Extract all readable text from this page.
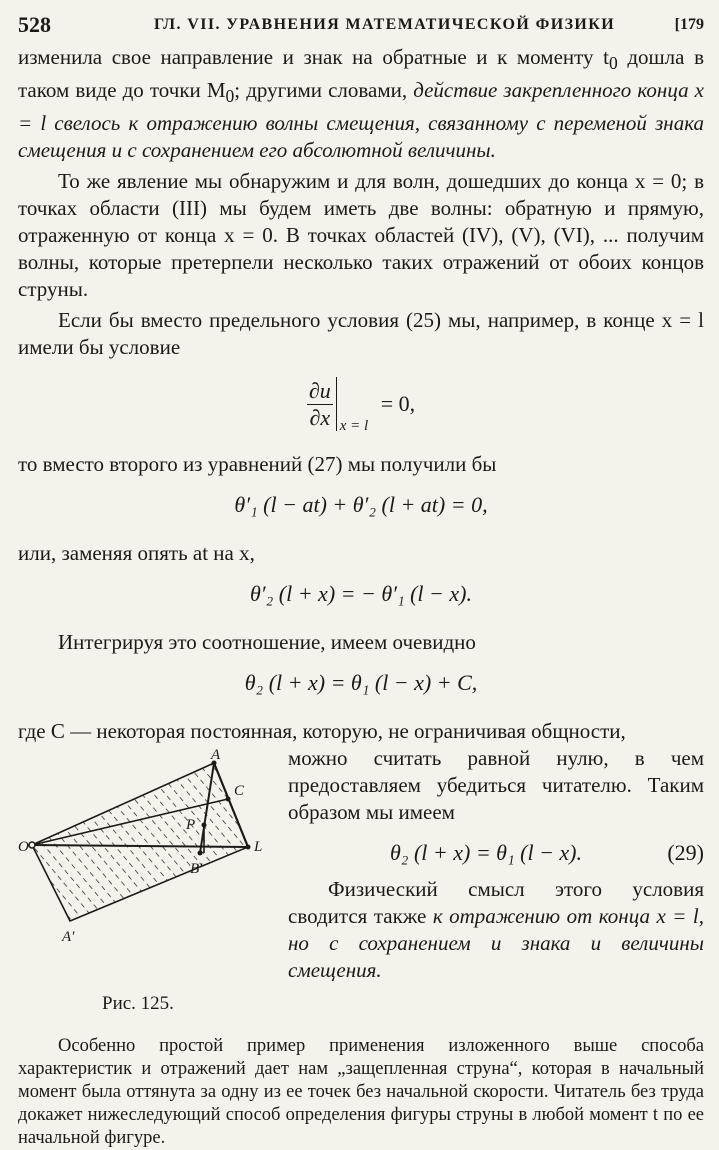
528	ГЛ. VII. УРАВНЕНИЯ МАТЕМАТИЧЕСКОЙ ФИЗИКИ	[179

изменила свое направление и знак на обратные и к моменту $t_0$ дошла в таком виде до точки $M_0$; другими словами, действие закрепленного конца x = l свелось к отражению волны смещения, связанному с переменой знака смещения и с сохранением его абсолютной величины.

То же явление мы обнаружим и для волн, дошедших до конца x = 0; в точках области (III) мы будем иметь две волны: обратную и прямую, отраженную от конца x = 0. В точках областей (IV), (V), (VI), ... получим волны, которые претерпели несколько таких отражений от обоих концов струны.

Если бы вместо предельного условия (25) мы, например, в конце x = l имели бы условие

$\frac{\partial u}{\partial x}$ x = l
= 0,

то вместо второго из уравнений (27) мы получили бы

θ′₁ (l − at) + θ′₂ (l + at) = 0,

или, заменяя опять at на x,

θ′₂ (l + x) = − θ′₁ (l − x).

Интегрируя это соотношение, имеем очевидно

θ₂ (l + x) = θ₁ (l − x) + C,

где C — некоторая постоянная, которую, не ограничивая общности,

O
A
C
P
L
B′
A′
Рис. 125.

можно считать равной нулю, в чем предоставляем убедиться читателю. Таким образом мы имеем

θ₂ (l + x) = θ₁ (l − x).	(29)

Физический смысл этого условия сводится также к отражению от конца x = l, но с сохранением и знака и величины смещения.

Особенно простой пример применения изложенного выше способа характеристик и отражений дает нам „защепленная струна“, которая в начальный момент была оттянута за одну из ее точек без начальной скорости. Читатель без труда докажет нижеследующий способ определения фигуры струны в любой момент t по ее начальной фигуре.
